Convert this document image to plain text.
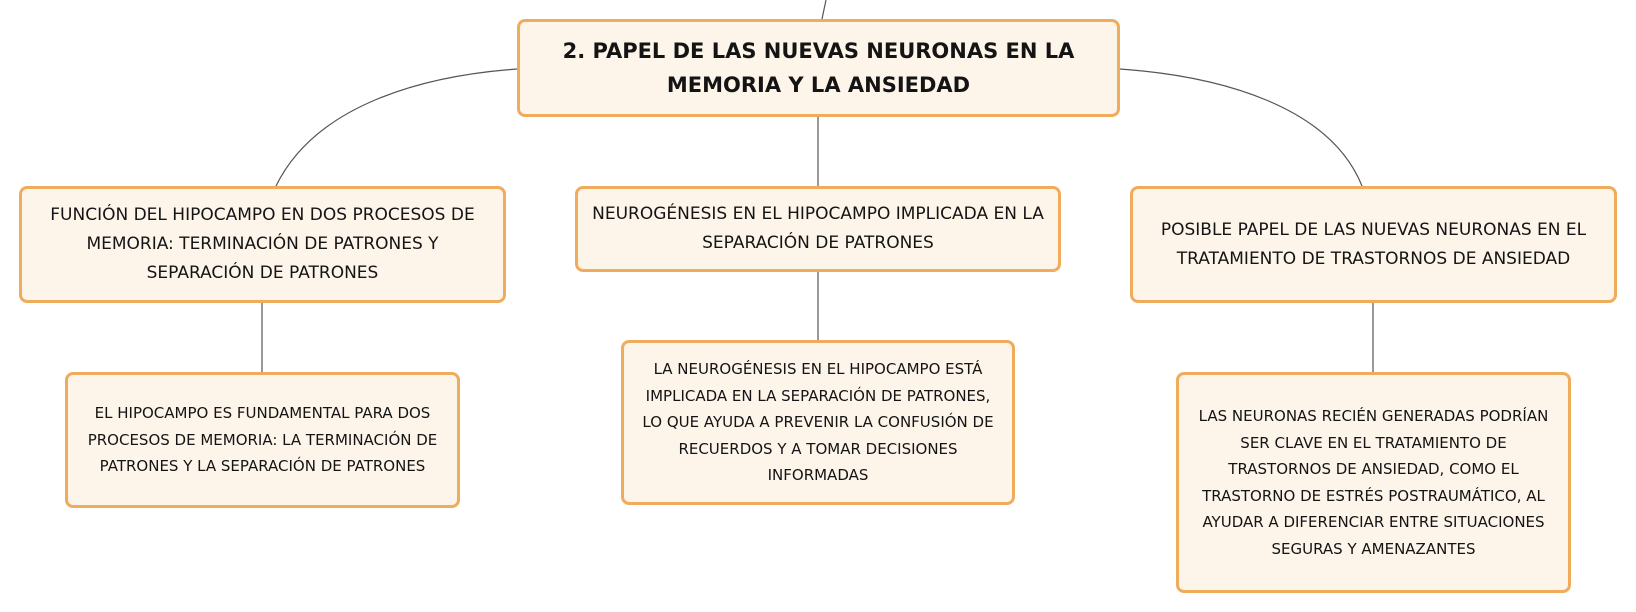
2. PAPEL DE LAS NUEVAS NEURONAS EN LA MEMORIA Y LA ANSIEDAD
FUNCIÓN DEL HIPOCAMPO EN DOS PROCESOS DE MEMORIA: TERMINACIÓN DE PATRONES Y SEPARACIÓN DE PATRONES
NEUROGÉNESIS EN EL HIPOCAMPO IMPLICADA EN LA SEPARACIÓN DE PATRONES
POSIBLE PAPEL DE LAS NUEVAS NEURONAS EN EL TRATAMIENTO DE TRASTORNOS DE ANSIEDAD
EL HIPOCAMPO ES FUNDAMENTAL PARA DOS PROCESOS DE MEMORIA: LA TERMINACIÓN DE PATRONES Y LA SEPARACIÓN DE PATRONES
LA NEUROGÉNESIS EN EL HIPOCAMPO ESTÁ IMPLICADA EN LA SEPARACIÓN DE PATRONES, LO QUE AYUDA A PREVENIR LA CONFUSIÓN DE RECUERDOS Y A TOMAR DECISIONES INFORMADAS
LAS NEURONAS RECIÉN GENERADAS PODRÍAN SER CLAVE EN EL TRATAMIENTO DE TRASTORNOS DE ANSIEDAD, COMO EL TRASTORNO DE ESTRÉS POSTRAUMÁTICO, AL AYUDAR A DIFERENCIAR ENTRE SITUACIONES SEGURAS Y AMENAZANTES
